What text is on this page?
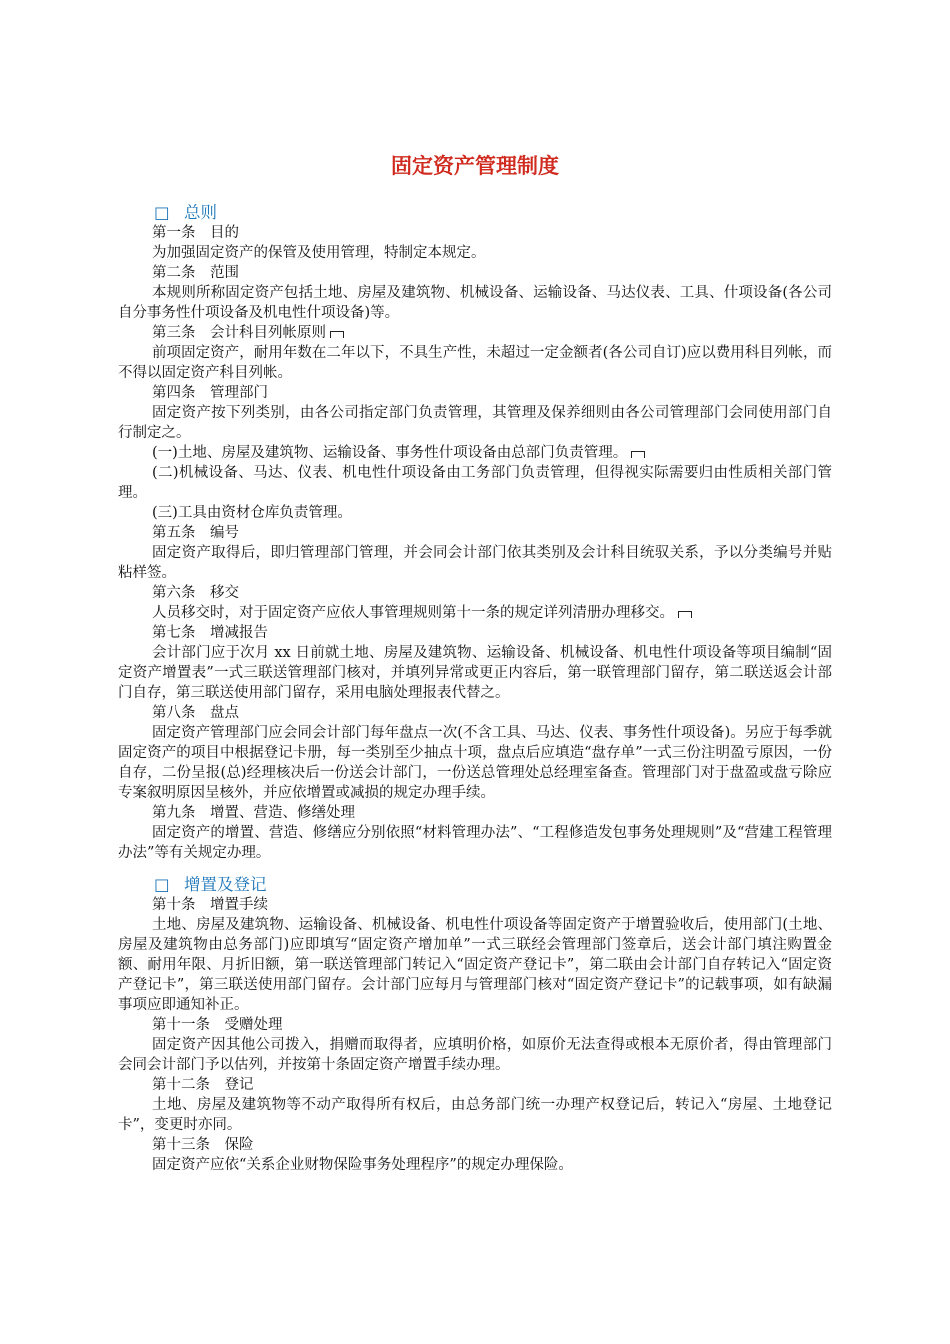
固定资产管理制度
□ 总则
第一条　目的

为加强固定资产的保管及使用管理，特制定本规定。

第二条　范围

本规则所称固定资产包括土地、房屋及建筑物、机械设备、运输设备、马达仪表、工具、什项设备(各公司自分事务性什项设备及机电性什项设备)等。

第三条　会计科目列帐原则

前项固定资产，耐用年数在二年以下，不具生产性，未超过一定金额者(各公司自订)应以费用科目列帐，而不得以固定资产科目列帐。

第四条　管理部门

固定资产按下列类别，由各公司指定部门负责管理，其管理及保养细则由各公司管理部门会同使用部门自行制定之。

(一)土地、房屋及建筑物、运输设备、事务性什项设备由总部门负责管理。

(二)机械设备、马达、仪表、机电性什项设备由工务部门负责管理，但得视实际需要归由性质相关部门管理。

(三)工具由资材仓库负责管理。

第五条　编号

固定资产取得后，即归管理部门管理，并会同会计部门依其类别及会计科目统驭关系，予以分类编号并贴粘样签。

第六条　移交

人员移交时，对于固定资产应依人事管理规则第十一条的规定详列清册办理移交。

第七条　增减报告

会计部门应于次月 xx 日前就土地、房屋及建筑物、运输设备、机械设备、机电性什项设备等项目编制“固定资产增置表”一式三联送管理部门核对，并填列异常或更正内容后，第一联管理部门留存，第二联送返会计部门自存，第三联送使用部门留存，采用电脑处理报表代替之。

第八条　盘点

固定资产管理部门应会同会计部门每年盘点一次(不含工具、马达、仪表、事务性什项设备)。另应于每季就固定资产的项目中根据登记卡册，每一类别至少抽点十项，盘点后应填造“盘存单”一式三份注明盈亏原因，一份自存，二份呈报(总)经理核决后一份送会计部门，一份送总管理处总经理室备查。管理部门对于盘盈或盘亏除应专案叙明原因呈核外，并应依增置或减损的规定办理手续。

第九条　增置、营造、修缮处理

固定资产的增置、营造、修缮应分别依照“材料管理办法”、“工程修造发包事务处理规则”及“营建工程管理办法”等有关规定办理。

□ 增置及登记
第十条　增置手续

土地、房屋及建筑物、运输设备、机械设备、机电性什项设备等固定资产于增置验收后，使用部门(土地、房屋及建筑物由总务部门)应即填写“固定资产增加单”一式三联经会管理部门签章后，送会计部门填注购置金额、耐用年限、月折旧额，第一联送管理部门转记入“固定资产登记卡”，第二联由会计部门自存转记入“固定资产登记卡”，第三联送使用部门留存。会计部门应每月与管理部门核对“固定资产登记卡”的记载事项，如有缺漏事项应即通知补正。

第十一条　受赠处理

固定资产因其他公司拨入，捐赠而取得者，应填明价格，如原价无法查得或根本无原价者，得由管理部门会同会计部门予以估列，并按第十条固定资产增置手续办理。

第十二条　登记

土地、房屋及建筑物等不动产取得所有权后，由总务部门统一办理产权登记后，转记入“房屋、土地登记卡”，变更时亦同。

第十三条　保险

固定资产应依“关系企业财物保险事务处理程序”的规定办理保险。
